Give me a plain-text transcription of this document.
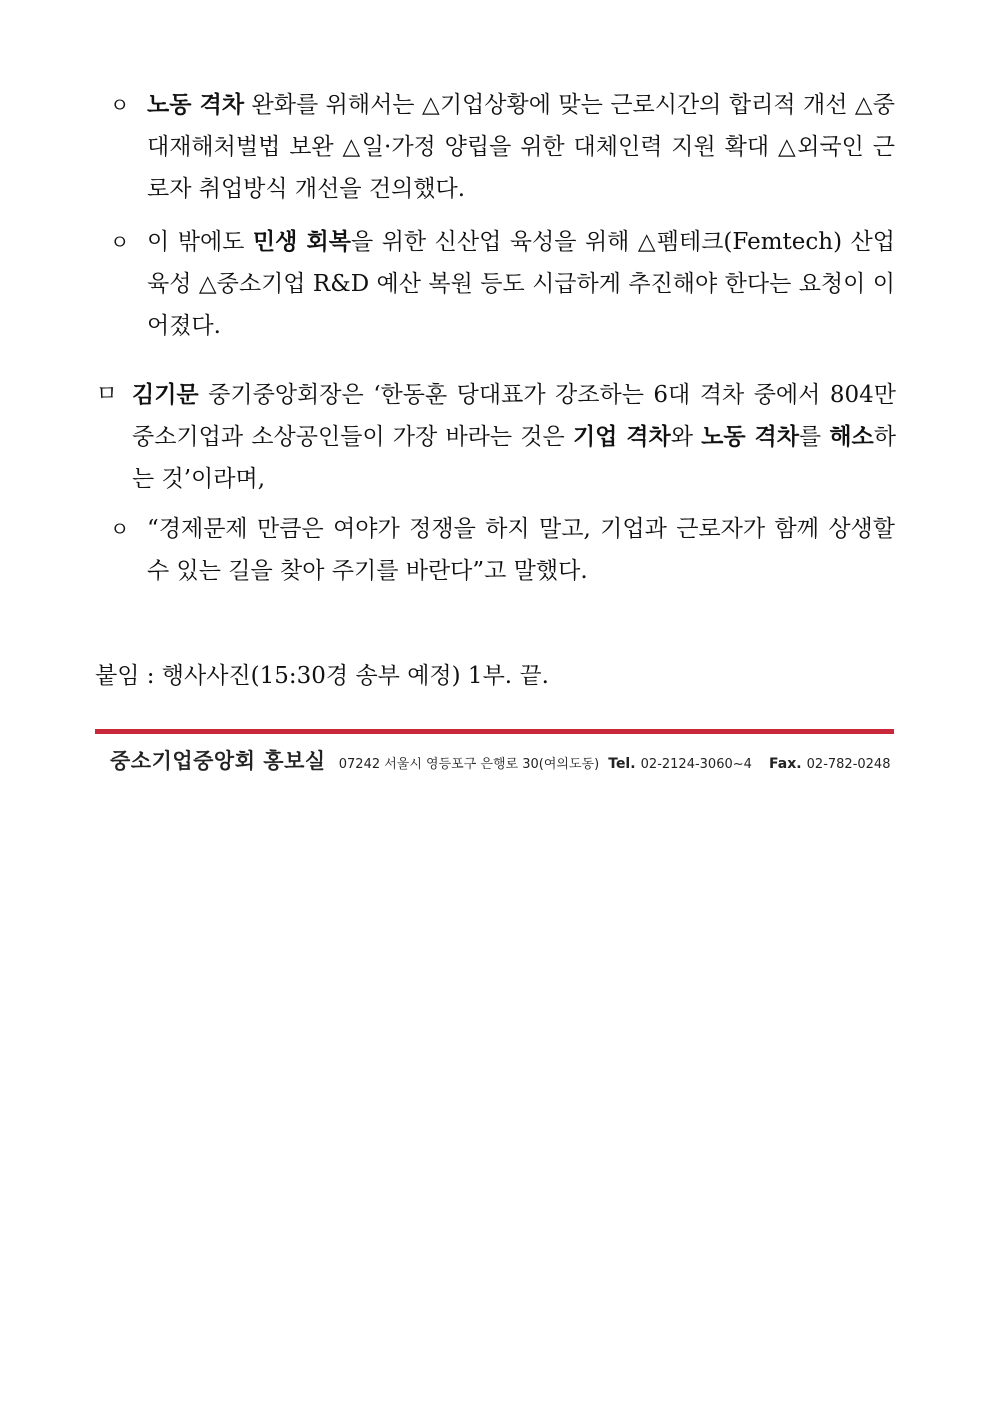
ㅇ 노동 격차 완화를 위해서는 △기업상황에 맞는 근로시간의 합리적 개선 △중대재해처벌법 보완 △일·가정 양립을 위한 대체인력 지원 확대 △외국인 근로자 취업방식 개선을 건의했다.
ㅇ 이 밖에도 민생 회복을 위한 신산업 육성을 위해 △펨테크(Femtech) 산업 육성 △중소기업 R&D 예산 복원 등도 시급하게 추진해야 한다는 요청이 이어졌다.
ㅁ 김기문 중기중앙회장은 ‘한동훈 당대표가 강조하는 6대 격차 중에서 804만 중소기업과 소상공인들이 가장 바라는 것은 기업 격차와 노동 격차를 해소하는 것’이라며,
ㅇ “경제문제 만큼은 여야가 정쟁을 하지 말고, 기업과 근로자가 함께 상생할 수 있는 길을 찾아 주기를 바란다”고 말했다.
붙임 : 행사사진(15:30경 송부 예정) 1부. 끝.
중소기업중앙회 홍보실 07242 서울시 영등포구 은행로 30(여의도동) Tel. 02-2124-3060~4 Fax. 02-782-0248
